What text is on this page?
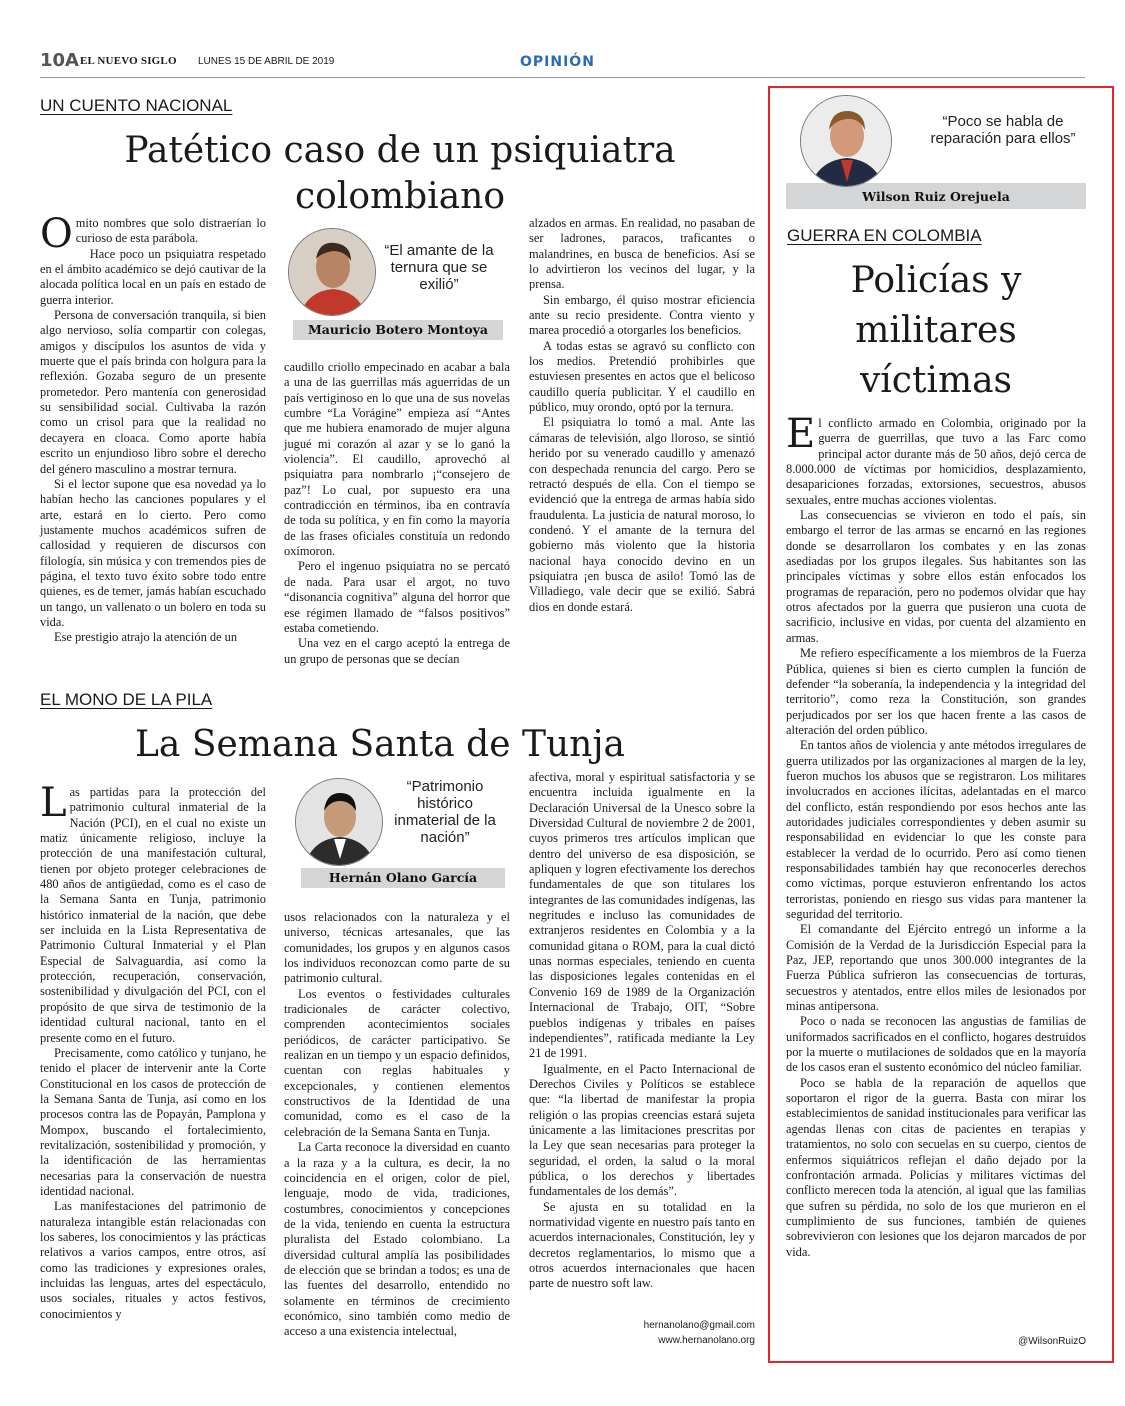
10A EL NUEVO SIGLO LUNES 15 DE ABRIL DE 2019	OPINIÓN
UN CUENTO NACIONAL
Patético caso de un psiquiatra colombiano

Omito nombres que solo distraerían lo curioso de esta parábola.

Hace poco un psiquiatra respetado en el ámbito académico se dejó cautivar de la alocada política local en un país en estado de guerra interior.

Persona de conversación tranquila, si bien algo nervioso, solía compartir con colegas, amigos y discípulos los asuntos de vida y muerte que el país brinda con holgura para la reflexión. Gozaba seguro de un presente prometedor. Pero mantenía con generosidad su sensibilidad social. Cultivaba la razón como un crisol para que la realidad no decayera en cloaca. Como aporte había escrito un enjundioso libro sobre el derecho del género masculino a mostrar ternura.

Si el lector supone que esa novedad ya lo habían hecho las canciones populares y el arte, estará en lo cierto. Pero como justamente muchos académicos sufren de callosidad y requieren de discursos con filología, sin música y con tremendos pies de página, el texto tuvo éxito sobre todo entre quienes, es de temer, jamás habían escuchado un tango, un vallenato o un bolero en toda su vida.

Ese prestigio atrajo la atención de un

“El amante de la ternura que se exilió”
Mauricio Botero Montoya

caudillo criollo empecinado en acabar a bala a una de las guerrillas más aguerridas de un país vertiginoso en lo que una de sus novelas cumbre “La Vorágine” empieza así “Antes que me hubiera enamorado de mujer alguna jugué mi corazón al azar y se lo ganó la violencia”. El caudillo, aprovechó al psiquiatra para nombrarlo ¡“consejero de paz”! Lo cual, por supuesto era una contradicción en términos, iba en contravía de toda su política, y en fin como la mayoría de las frases oficiales constituía un redondo oxímoron.

Pero el ingenuo psiquiatra no se percató de nada. Para usar el argot, no tuvo “disonancia cognitiva” alguna del horror que ese régimen llamado de “falsos positivos” estaba cometiendo.

Una vez en el cargo aceptó la entrega de un grupo de personas que se decían

alzados en armas. En realidad, no pasaban de ser ladrones, paracos, traficantes o malandrines, en busca de beneficios. Así se lo advirtieron los vecinos del lugar, y la prensa.

Sin embargo, él quiso mostrar eficiencia ante su recio presidente. Contra viento y marea procedió a otorgarles los beneficios.

A todas estas se agravó su conflicto con los medios. Pretendió prohibirles que estuviesen presentes en actos que el belicoso caudillo quería publicitar. Y el caudillo en público, muy orondo, optó por la ternura.

El psiquiatra lo tomó a mal. Ante las cámaras de televisión, algo lloroso, se sintió herido por su venerado caudillo y amenazó con despechada renuncia del cargo. Pero se retractó después de ella. Con el tiempo se evidenció que la entrega de armas había sido fraudulenta. La justicia de natural moroso, lo condenó. Y el amante de la ternura del gobierno más violento que la historia nacional haya conocido devino en un psiquiatra ¡en busca de asilo! Tomó las de Villadiego, vale decir que se exilió. Sabrá dios en donde estará.

EL MONO DE LA PILA
La Semana Santa de Tunja

Las partidas para la protección del patrimonio cultural inmaterial de la Nación (PCI), en el cual no existe un matiz únicamente religioso, incluye la protección de una manifestación cultural, tienen por objeto proteger celebraciones de 480 años de antigüedad, como es el caso de la Semana Santa en Tunja, patrimonio histórico inmaterial de la nación, que debe ser incluida en la Lista Representativa de Patrimonio Cultural Inmaterial y el Plan Especial de Salvaguardia, así como la protección, recuperación, conservación, sostenibilidad y divulgación del PCI, con el propósito de que sirva de testimonio de la identidad cultural nacional, tanto en el presente como en el futuro.

Precisamente, como católico y tunjano, he tenido el placer de intervenir ante la Corte Constitucional en los casos de protección de la Semana Santa de Tunja, así como en los procesos contra las de Popayán, Pamplona y Mompox, buscando el fortalecimiento, revitalización, sostenibilidad y promoción, y la identificación de las herramientas necesarias para la conservación de nuestra identidad nacional.

Las manifestaciones del patrimonio de naturaleza intangible están relacionadas con los saberes, los conocimientos y las prácticas relativos a varios campos, entre otros, así como las tradiciones y expresiones orales, incluidas las lenguas, artes del espectáculo, usos sociales, rituales y actos festivos, conocimientos y

“Patrimonio histórico inmaterial de la nación”
Hernán Olano García

usos relacionados con la naturaleza y el universo, técnicas artesanales, que las comunidades, los grupos y en algunos casos los individuos reconozcan como parte de su patrimonio cultural.

Los eventos o festividades culturales tradicionales de carácter colectivo, comprenden acontecimientos sociales periódicos, de carácter participativo. Se realizan en un tiempo y un espacio definidos, cuentan con reglas habituales y excepcionales, y contienen elementos constructivos de la Identidad de una comunidad, como es el caso de la celebración de la Semana Santa en Tunja.

La Carta reconoce la diversidad en cuanto a la raza y a la cultura, es decir, la no coincidencia en el origen, color de piel, lenguaje, modo de vida, tradiciones, costumbres, conocimientos y concepciones de la vida, teniendo en cuenta la estructura pluralista del Estado colombiano. La diversidad cultural amplía las posibilidades de elección que se brindan a todos; es una de las fuentes del desarrollo, entendido no solamente en términos de crecimiento económico, sino también como medio de acceso a una existencia intelectual,

afectiva, moral y espiritual satisfactoria y se encuentra incluida igualmente en la Declaración Universal de la Unesco sobre la Diversidad Cultural de noviembre 2 de 2001, cuyos primeros tres artículos implican que dentro del universo de esa disposición, se apliquen y logren efectivamente los derechos fundamentales de que son titulares los integrantes de las comunidades indígenas, las negritudes e incluso las comunidades de extranjeros residentes en Colombia y a la comunidad gitana o ROM, para la cual dictó unas normas especiales, teniendo en cuenta las disposiciones legales contenidas en el Convenio 169 de 1989 de la Organización Internacional de Trabajo, OIT, “Sobre pueblos indígenas y tribales en países independientes”, ratificada mediante la Ley 21 de 1991.

Igualmente, en el Pacto Internacional de Derechos Civiles y Políticos se establece que: “la libertad de manifestar la propia religión o las propias creencias estará sujeta únicamente a las limitaciones prescritas por la Ley que sean necesarias para proteger la seguridad, el orden, la salud o la moral pública, o los derechos y libertades fundamentales de los demás”.

Se ajusta en su totalidad en la normatividad vigente en nuestro país tanto en acuerdos internacionales, Constitución, ley y decretos reglamentarios, lo mismo que a otros acuerdos internacionales que hacen parte de nuestro soft law.

hernanolano@gmail.com
www.hernanolano.org
“Poco se habla de reparación para ellos”
Wilson Ruiz Orejuela
GUERRA EN COLOMBIA
Policías y militares víctimas

El conflicto armado en Colombia, originado por la guerra de guerrillas, que tuvo a las Farc como principal actor durante más de 50 años, dejó cerca de 8.000.000 de víctimas por homicidios, desplazamiento, desapariciones forzadas, extorsiones, secuestros, abusos sexuales, entre muchas acciones violentas.

Las consecuencias se vivieron en todo el país, sin embargo el terror de las armas se encarnó en las regiones donde se desarrollaron los combates y en las zonas asediadas por los grupos ilegales. Sus habitantes son las principales víctimas y sobre ellos están enfocados los programas de reparación, pero no podemos olvidar que hay otros afectados por la guerra que pusieron una cuota de sacrificio, inclusive en vidas, por cuenta del alzamiento en armas.

Me refiero específicamente a los miembros de la Fuerza Pública, quienes si bien es cierto cumplen la función de defender “la soberanía, la independencia y la integridad del territorio”, como reza la Constitución, son grandes perjudicados por ser los que hacen frente a las casos de alteración del orden público.

En tantos años de violencia y ante métodos irregulares de guerra utilizados por las organizaciones al margen de la ley, fueron muchos los abusos que se registraron. Los militares involucrados en acciones ilícitas, adelantadas en el marco del conflicto, están respondiendo por esos hechos ante las autoridades judiciales correspondientes y deben asumir su responsabilidad en evidenciar lo que les conste para establecer la verdad de lo ocurrido. Pero así como tienen responsabilidades también hay que reconocerles derechos como víctimas, porque estuvieron enfrentando los actos terroristas, poniendo en riesgo sus vidas para mantener la seguridad del territorio.

El comandante del Ejército entregó un informe a la Comisión de la Verdad de la Jurisdicción Especial para la Paz, JEP, reportando que unos 300.000 integrantes de la Fuerza Pública sufrieron las consecuencias de torturas, secuestros y atentados, entre ellos miles de lesionados por minas antipersona.

Poco o nada se reconocen las angustias de familias de uniformados sacrificados en el conflicto, hogares destruidos por la muerte o mutilaciones de soldados que en la mayoría de los casos eran el sustento económico del núcleo familiar.

Poco se habla de la reparación de aquellos que soportaron el rigor de la guerra. Basta con mirar los establecimientos de sanidad institucionales para verificar las agendas llenas con citas de pacientes en terapias y tratamientos, no solo con secuelas en su cuerpo, cientos de enfermos siquiátricos reflejan el daño dejado por la confrontación armada. Policías y militares víctimas del conflicto merecen toda la atención, al igual que las familias que sufren su pérdida, no solo de los que murieron en el cumplimiento de sus funciones, también de quienes sobrevivieron con lesiones que los dejaron marcados de por vida.

@WilsonRuizO
